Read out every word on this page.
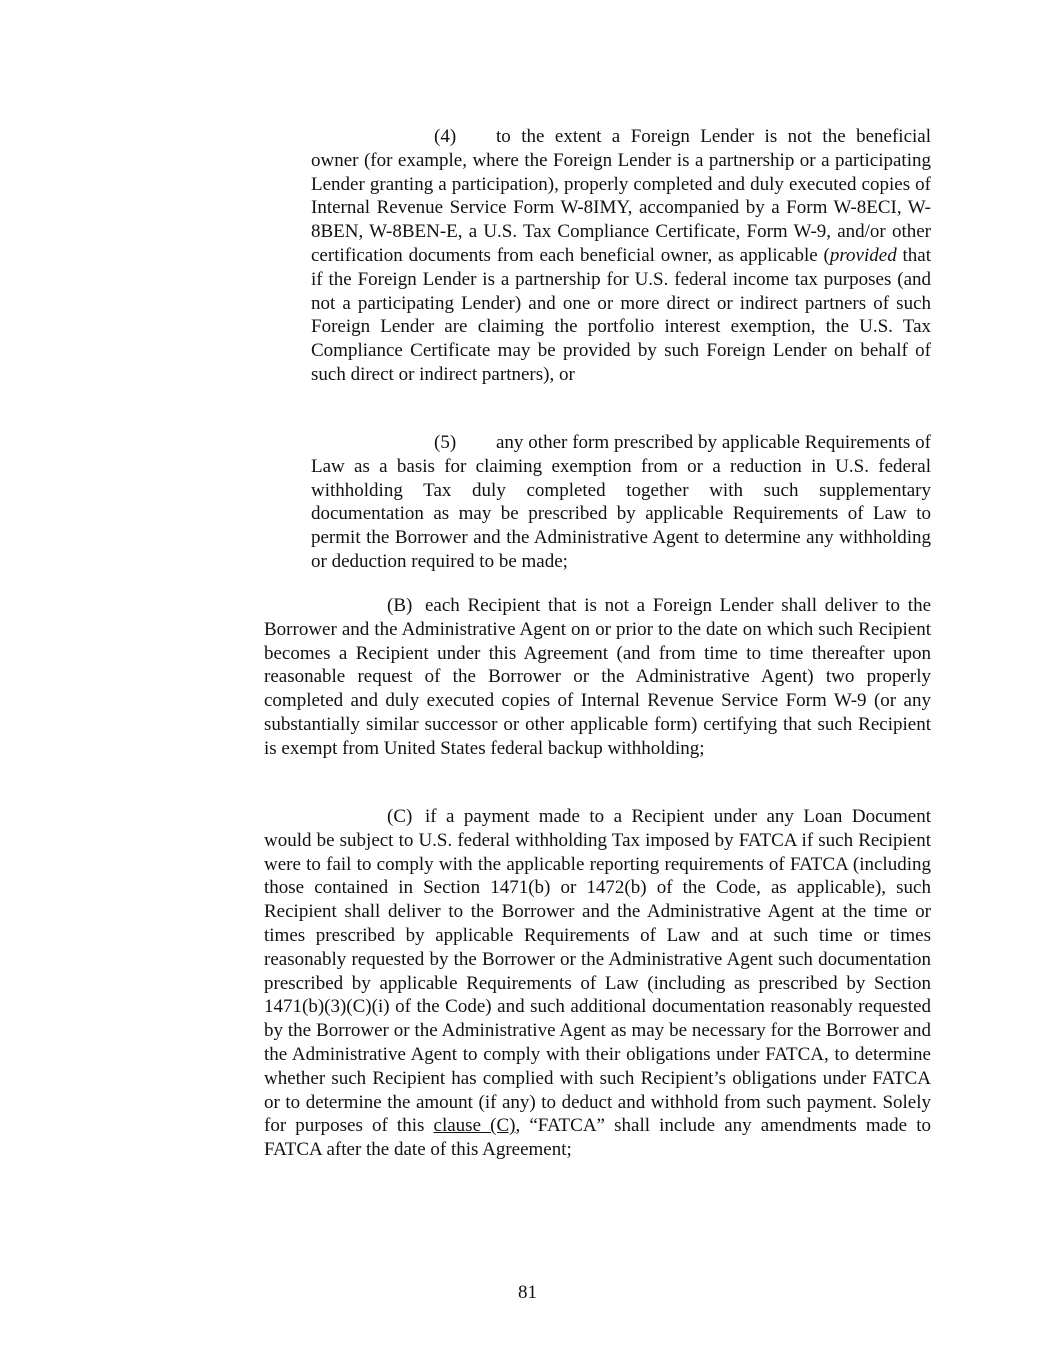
(4) to the extent a Foreign Lender is not the beneficial owner (for example, where the Foreign Lender is a partnership or a participating Lender granting a participation), properly completed and duly executed copies of Internal Revenue Service Form W-8IMY, accompanied by a Form W-8ECI, W-8BEN, W-8BEN-E, a U.S. Tax Compliance Certificate, Form W-9, and/or other certification documents from each beneficial owner, as applicable (provided that if the Foreign Lender is a partnership for U.S. federal income tax purposes (and not a participating Lender) and one or more direct or indirect partners of such Foreign Lender are claiming the portfolio interest exemption, the U.S. Tax Compliance Certificate may be provided by such Foreign Lender on behalf of such direct or indirect partners), or

(5) any other form prescribed by applicable Requirements of Law as a basis for claiming exemption from or a reduction in U.S. federal withholding Tax duly completed together with such supplementary documentation as may be prescribed by applicable Requirements of Law to permit the Borrower and the Administrative Agent to determine any withholding or deduction required to be made;

(B) each Recipient that is not a Foreign Lender shall deliver to the Borrower and the Administrative Agent on or prior to the date on which such Recipient becomes a Recipient under this Agreement (and from time to time thereafter upon reasonable request of the Borrower or the Administrative Agent) two properly completed and duly executed copies of Internal Revenue Service Form W-9 (or any substantially similar successor or other applicable form) certifying that such Recipient is exempt from United States federal backup withholding;

(C) if a payment made to a Recipient under any Loan Document would be subject to U.S. federal withholding Tax imposed by FATCA if such Recipient were to fail to comply with the applicable reporting requirements of FATCA (including those contained in Section 1471(b) or 1472(b) of the Code, as applicable), such Recipient shall deliver to the Borrower and the Administrative Agent at the time or times prescribed by applicable Requirements of Law and at such time or times reasonably requested by the Borrower or the Administrative Agent such documentation prescribed by applicable Requirements of Law (including as prescribed by Section 1471(b)(3)(C)(i) of the Code) and such additional documentation reasonably requested by the Borrower or the Administrative Agent as may be necessary for the Borrower and the Administrative Agent to comply with their obligations under FATCA, to determine whether such Recipient has complied with such Recipient’s obligations under FATCA or to determine the amount (if any) to deduct and withhold from such payment. Solely for purposes of this clause (C), “FATCA” shall include any amendments made to FATCA after the date of this Agreement;

81
